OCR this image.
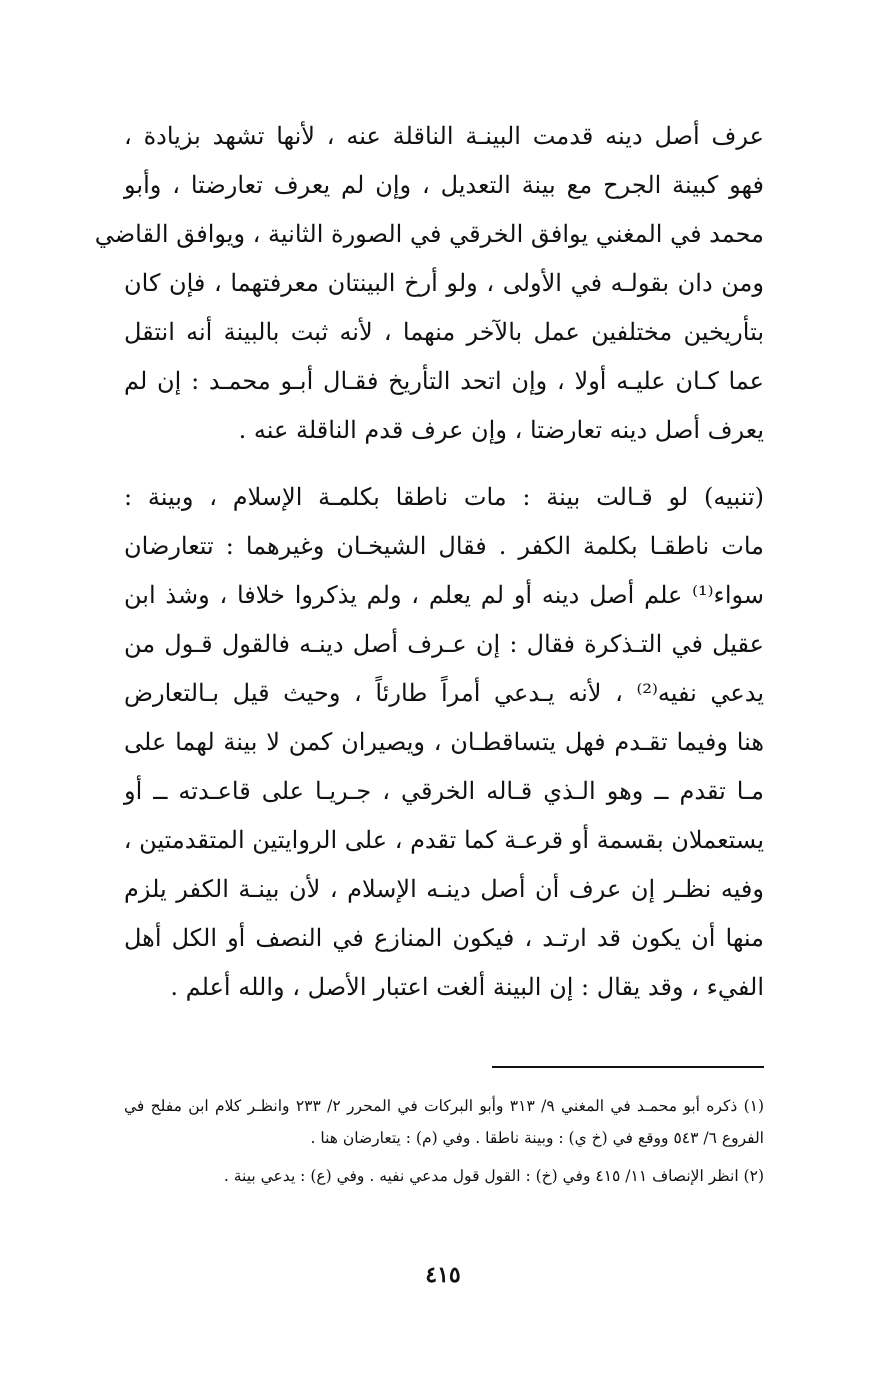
عرف أصل دينه قدمت البينـة الناقلة عنه ، لأنها تشهد بزيادة ،
فهو كبينة الجرح مع بينة التعديل ، وإن لم يعرف تعارضتا ، وأبو
محمد في المغني يوافق الخرقي في الصورة الثانية ، ويوافق القاضي
ومن دان بقولـه في الأولى ، ولو أرخ البينتان معرفتهما ، فإن كان
بتأريخين مختلفين عمل بالآخر منهما ، لأنه ثبت بالبينة أنه انتقل
عما كـان عليـه أولا ، وإن اتحد التأريخ فقـال أبـو محمـد : إن لم
يعرف أصل دينه تعارضتا ، وإن عرف قدم الناقلة عنه .

(تنبيه) لو قـالت بينة : مات ناطقا بكلمـة الإسلام ، وبينة :
مات ناطقـا بكلمة الكفر . فقال الشيخـان وغيرهما : تتعارضان
سواء⁽¹⁾ علم أصل دينه أو لم يعلم ، ولم يذكروا خلافا ، وشذ ابن
عقيل في التـذكرة فقال : إن عـرف أصل دينـه فالقول قـول من
يدعي نفيه⁽²⁾ ، لأنه يـدعي أمراً طارئاً ، وحيث قيل بـالتعارض
هنا وفيما تقـدم فهل يتساقطـان ، ويصيران كمن لا بينة لهما على
مـا تقدم ــ وهو الـذي قـاله الخرقي ، جـريـا على قاعـدته ــ أو
يستعملان بقسمة أو قرعـة كما تقدم ، على الروايتين المتقدمتين ،
وفيه نظـر إن عرف أن أصل دينـه الإسلام ، لأن بينـة الكفر يلزم
منها أن يكون قد ارتـد ، فيكون المنازع في النصف أو الكل أهل
الفيء ، وقد يقال : إن البينة ألغت اعتبار الأصل ، والله أعلم .

(١) ذكره أبو محمـد في المغني ٩/ ٣١٣ وأبو البركات في المحرر ٢/ ٢٣٣ وانظـر كلام ابن مفلح في
الفروع ٦/ ٥٤٣ ووقع في (خ ي) : وبينة ناطقا . وفي (م) : يتعارضان هنا .

(٢) انظر الإنصاف ١١/ ٤١٥ وفي (خ) : القول قول مدعي نفيه . وفي (ع) : يدعي بينة .

٤١٥
